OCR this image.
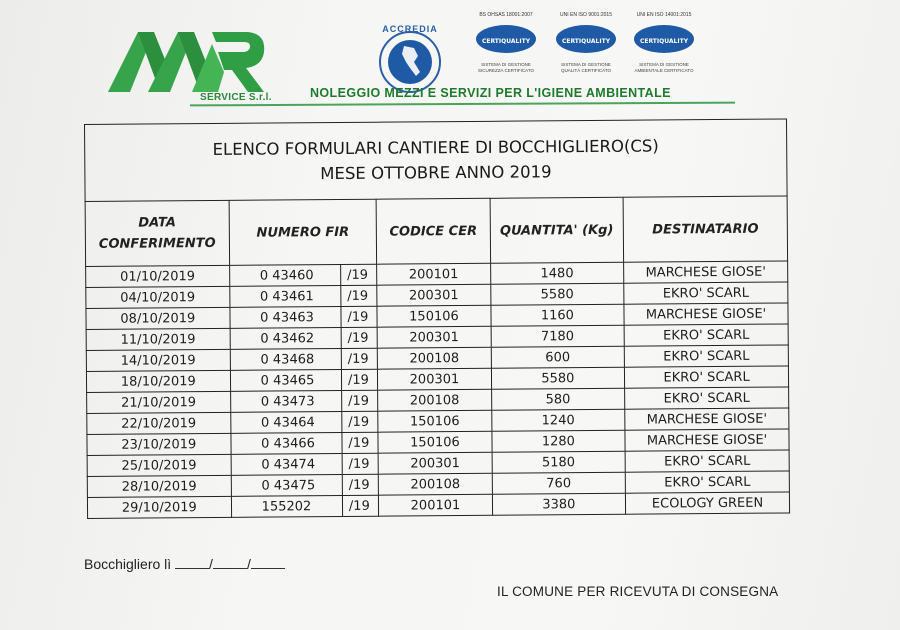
SERVICE S.r.l.
ACCREDIA
BS OHSAS 18001:2007
CERTIQUALITY
SISTEMA DI GESTIONE
SICUREZZA CERTIFICATO
UNI EN ISO 9001:2015
CERTIQUALITY
SISTEMA DI GESTIONE
QUALITÀ CERTIFICATO
UNI EN ISO 14001:2015
CERTIQUALITY
SISTEMA DI GESTIONE
AMBIENTALE CERTIFICATO
NOLEGGIO MEZZI E SERVIZI PER L'IGIENE AMBIENTALE
ELENCO FORMULARI CANTIERE DI BOCCHIGLIERO(CS)
MESE OTTOBRE ANNO 2019					

DATA
CONFERIMENTO	NUMERO FIR		CODICE CER	QUANTITA' (Kg)	DESTINATARIO
01/10/2019	0 43460	/19	200101	1480	MARCHESE GIOSE'
04/10/2019	0 43461	/19	200301	5580	EKRO' SCARL
08/10/2019	0 43463	/19	150106	1160	MARCHESE GIOSE'
11/10/2019	0 43462	/19	200301	7180	EKRO' SCARL
14/10/2019	0 43468	/19	200108	600	EKRO' SCARL
18/10/2019	0 43465	/19	200301	5580	EKRO' SCARL
21/10/2019	0 43473	/19	200108	580	EKRO' SCARL
22/10/2019	0 43464	/19	150106	1240	MARCHESE GIOSE'
23/10/2019	0 43466	/19	150106	1280	MARCHESE GIOSE'
25/10/2019	0 43474	/19	200301	5180	EKRO' SCARL
28/10/2019	0 43475	/19	200108	760	EKRO' SCARL
29/10/2019	155202	/19	200101	3380	ECOLOGY GREEN
Bocchigliero lì	/ /
IL COMUNE PER RICEVUTA DI CONSEGNA
